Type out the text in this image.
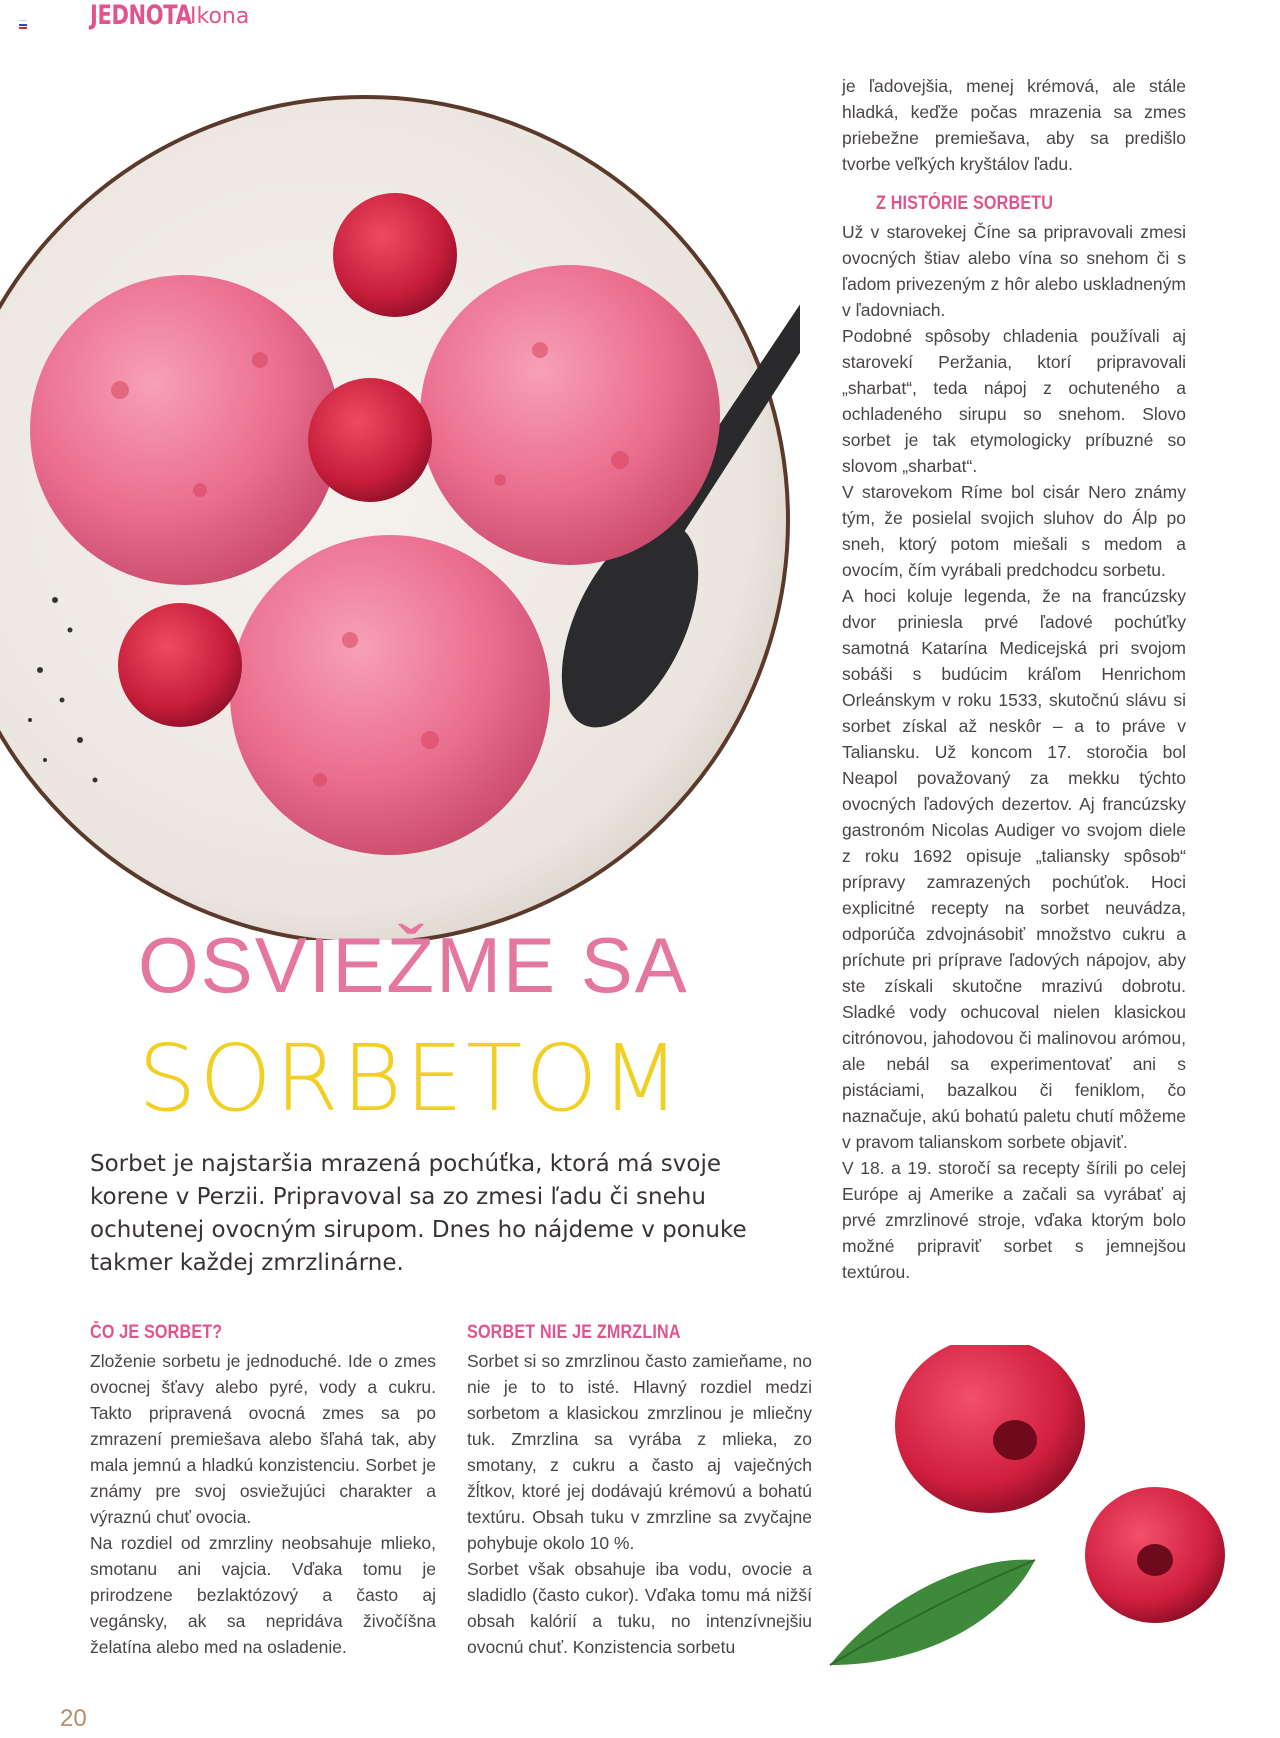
JEDNOTA
Ikona
OSVIEŽME SA
SORBETOM
Sorbet je najstaršia mrazená pochúťka, ktorá má svoje korene v Perzii. Pripravoval sa zo zmesi ľadu či snehu ochutenej ovocným sirupom. Dnes ho nájdeme v ponuke takmer každej zmrzlinárne.
ČO JE SORBET?

Zloženie sorbetu je jednoduché. Ide o zmes ovocnej šťavy alebo pyré, vody a cukru. Takto pripravená ovocná zmes sa po zmrazení premiešava alebo šľahá tak, aby mala jemnú a hladkú konzistenciu. Sorbet je známy pre svoj osviežujúci charakter a výraznú chuť ovocia.

Na rozdiel od zmrzliny neobsahuje mlieko, smotanu ani vajcia. Vďaka tomu je prirodzene bezlaktózový a často aj vegánsky, ak sa nepridáva živočíšna želatína alebo med na osladenie.

SORBET NIE JE ZMRZLINA

Sorbet si so zmrzlinou často zamieňame, no nie je to to isté. Hlavný rozdiel medzi sorbetom a klasickou zmrzlinou je mliečny tuk. Zmrzlina sa vyrába z mlieka, zo smotany, z cukru a často aj vaječných žĺtkov, ktoré jej dodávajú krémovú a bohatú textúru. Obsah tuku v zmrzline sa zvyčajne pohybuje okolo 10 %.

Sorbet však obsahuje iba vodu, ovocie a sladidlo (často cukor). Vďaka tomu má nižší obsah kalórií a tuku, no intenzívnejšiu ovocnú chuť. Konzistencia sorbetu

je ľadovejšia, menej krémová, ale stále hladká, keďže počas mrazenia sa zmes priebežne premiešava, aby sa predišlo tvorbe veľkých kryštálov ľadu.

Z HISTÓRIE SORBETU

Už v starovekej Číne sa pripravovali zmesi ovocných štiav alebo vína so snehom či s ľadom privezeným z hôr alebo uskladneným v ľadovniach.

Podobné spôsoby chladenia používali aj starovekí Peržania, ktorí pripravovali „sharbat“, teda nápoj z ochuteného a ochladeného sirupu so snehom. Slovo sorbet je tak etymologicky príbuzné so slovom „sharbat“.

V starovekom Ríme bol cisár Nero známy tým, že posielal svojich sluhov do Álp po sneh, ktorý potom miešali s medom a ovocím, čím vyrábali predchodcu sorbetu.

A hoci koluje legenda, že na francúzsky dvor priniesla prvé ľadové pochúťky samotná Katarína Medicejská pri svojom sobáši s budúcim kráľom Henrichom Orleánskym v roku 1533, skutočnú slávu si sorbet získal až neskôr – a to práve v Taliansku. Už koncom 17. storočia bol Neapol považovaný za mekku týchto ovocných ľadových dezertov. Aj francúzsky gastronóm Nicolas Audiger vo svojom diele z roku 1692 opisuje „taliansky spôsob“ prípravy zamrazených pochúťok. Hoci explicitné recepty na sorbet neuvádza, odporúča zdvojnásobiť množstvo cukru a príchute pri príprave ľadových nápojov, aby ste získali skutočne mrazivú dobrotu. Sladké vody ochucoval nielen klasickou citrónovou, jahodovou či malinovou arómou, ale nebál sa experimentovať ani s pistáciami, bazalkou či feniklom, čo naznačuje, akú bohatú paletu chutí môžeme v pravom talianskom sorbete objaviť.

V 18. a 19. storočí sa recepty šírili po celej Európe aj Amerike a začali sa vyrábať aj prvé zmrzlinové stroje, vďaka ktorým bolo možné pripraviť sorbet s jemnejšou textúrou.

20
